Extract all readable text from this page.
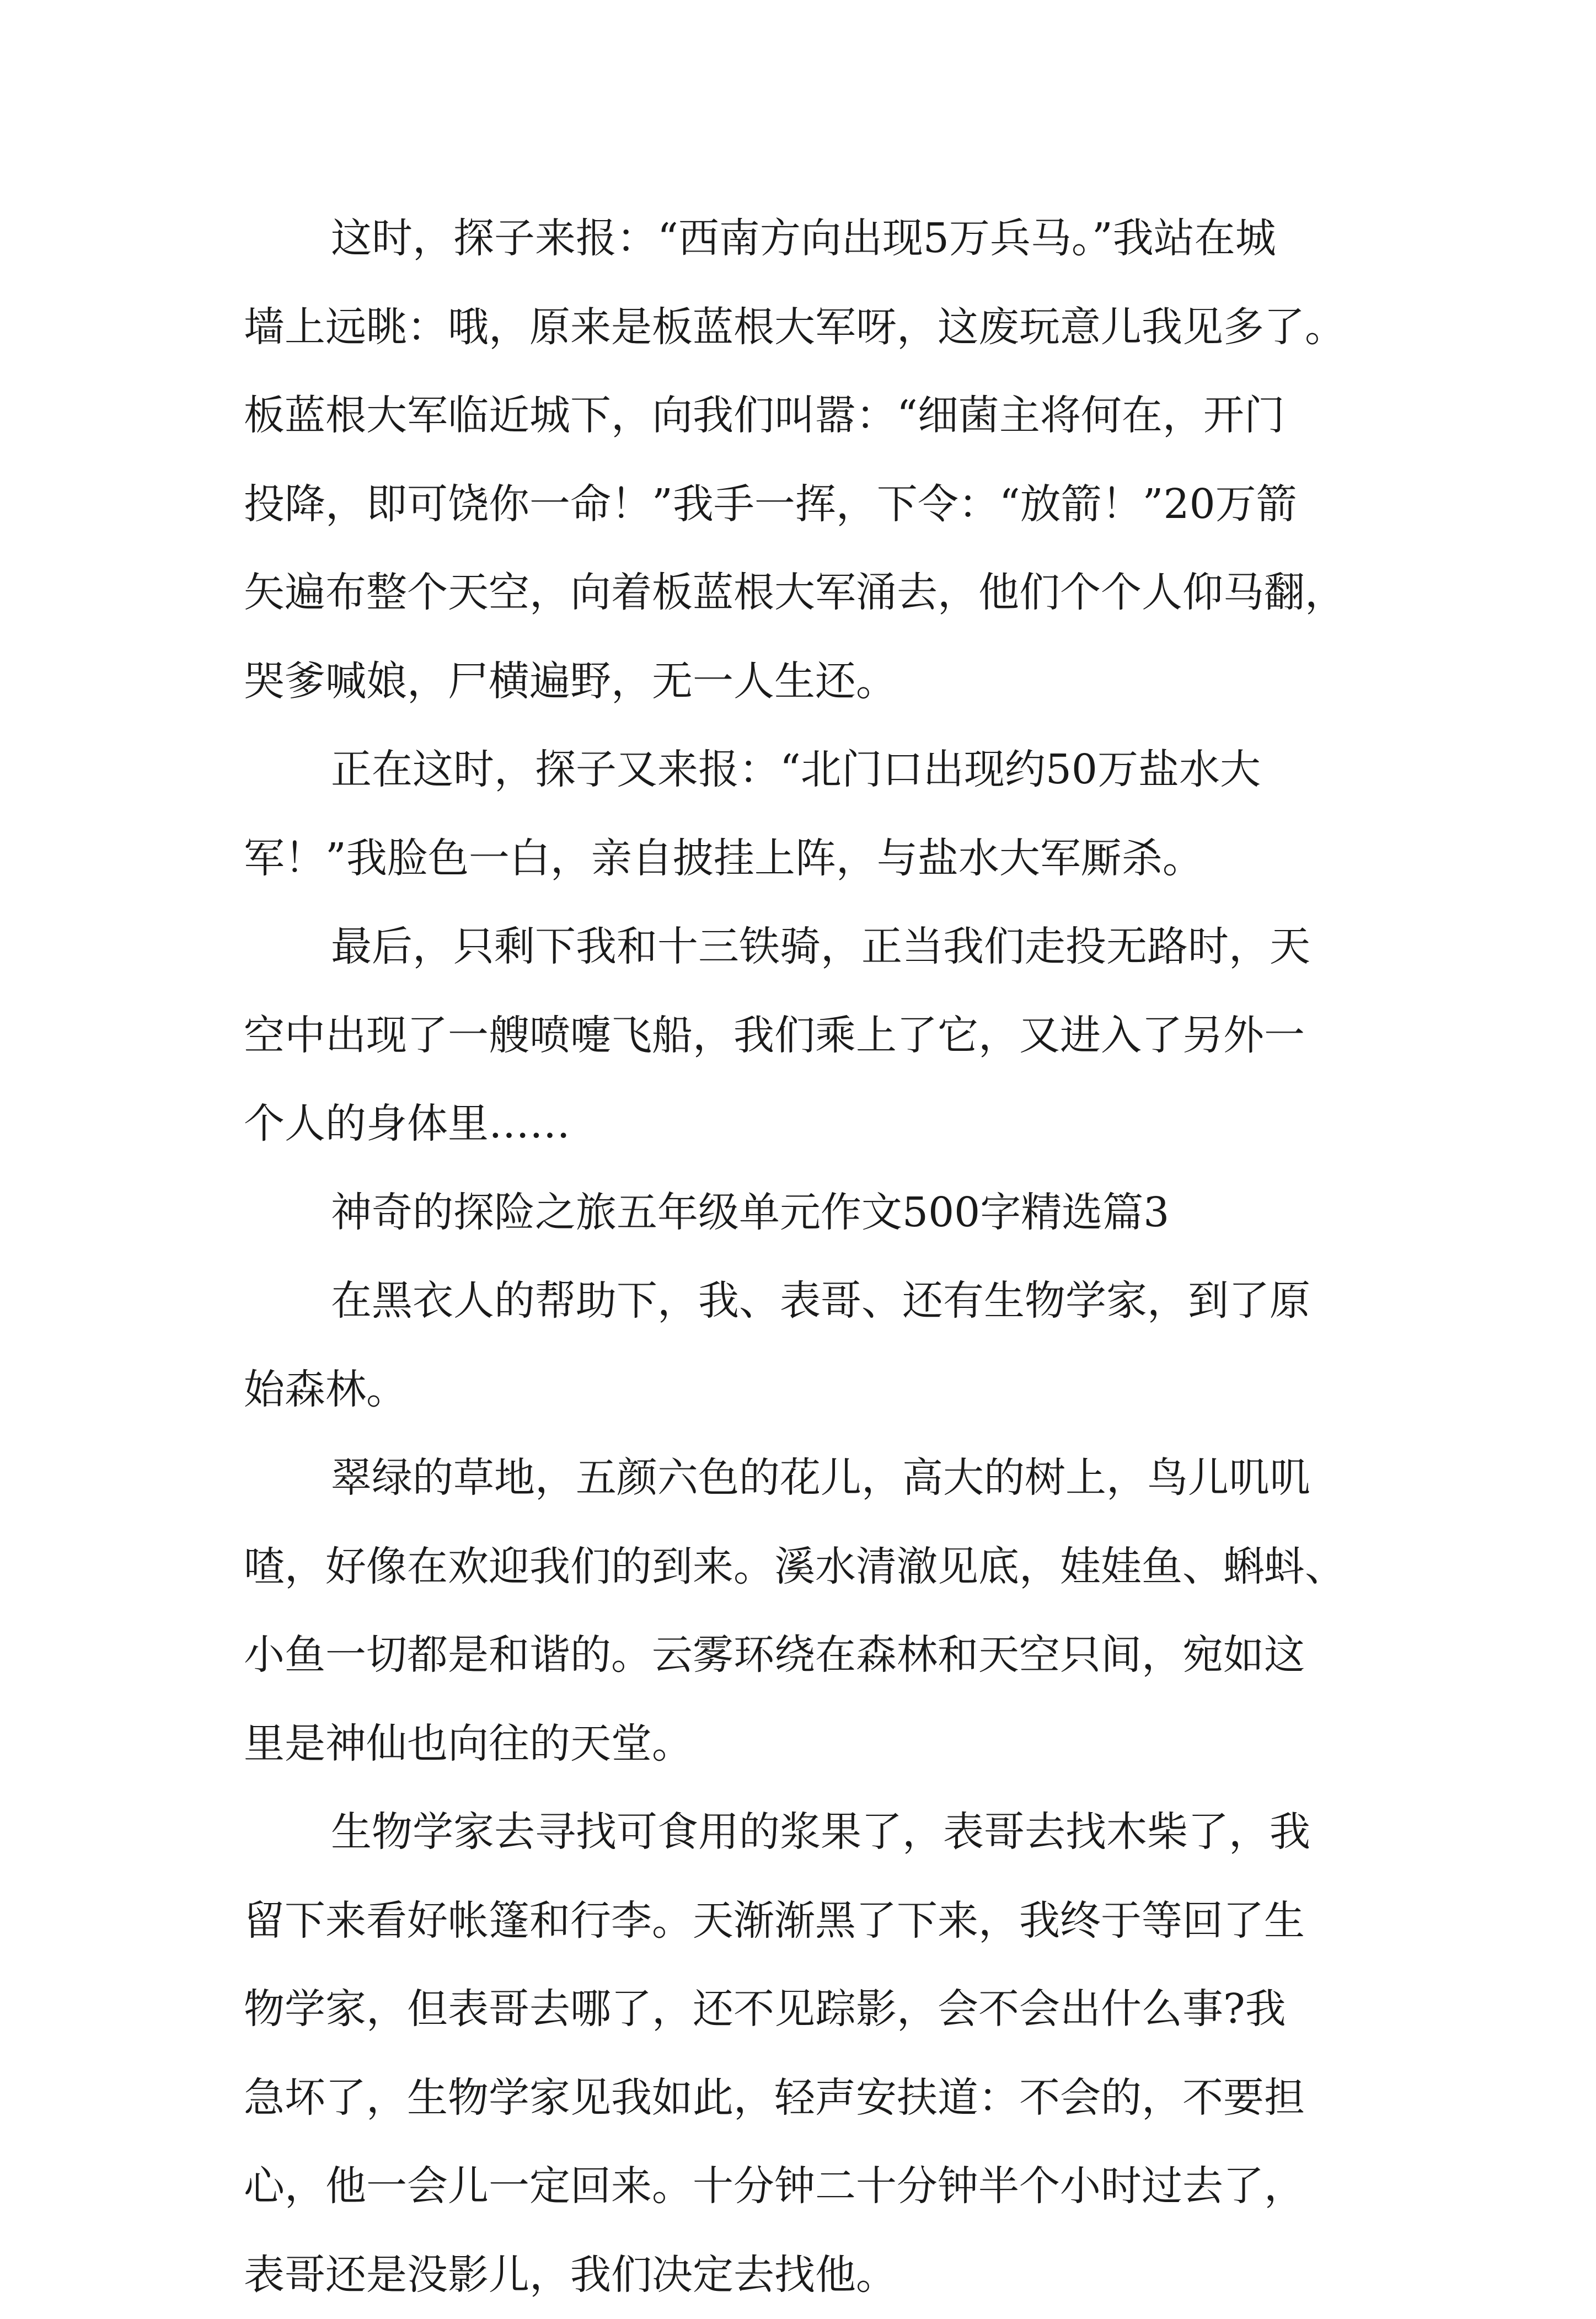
这时，探子来报：“西南方向出现5万兵马。”我站在城
墙上远眺：哦，原来是板蓝根大军呀，这废玩意儿我见多了。
板蓝根大军临近城下，向我们叫嚣：“细菌主将何在，开门
投降，即可饶你一命！”我手一挥，下令：“放箭！”20万箭
矢遍布整个天空，向着板蓝根大军涌去，他们个个人仰马翻，
哭爹喊娘，尸横遍野，无一人生还。
正在这时，探子又来报：“北门口出现约50万盐水大
军！”我脸色一白，亲自披挂上阵，与盐水大军厮杀。
最后，只剩下我和十三铁骑，正当我们走投无路时，天
空中出现了一艘喷嚏飞船，我们乘上了它，又进入了另外一
个人的身体里……
神奇的探险之旅五年级单元作文500字精选篇3
在黑衣人的帮助下，我、表哥、还有生物学家，到了原
始森林。
翠绿的草地，五颜六色的花儿，高大的树上，鸟儿叽叽
喳，好像在欢迎我们的到来。溪水清澈见底，娃娃鱼、蝌蚪、
小鱼一切都是和谐的。云雾环绕在森林和天空只间，宛如这
里是神仙也向往的天堂。
生物学家去寻找可食用的浆果了，表哥去找木柴了，我
留下来看好帐篷和行李。天渐渐黑了下来，我终于等回了生
物学家，但表哥去哪了，还不见踪影，会不会出什么事?我
急坏了，生物学家见我如此，轻声安扶道：不会的，不要担
心，他一会儿一定回来。十分钟二十分钟半个小时过去了，
表哥还是没影儿，我们决定去找他。
